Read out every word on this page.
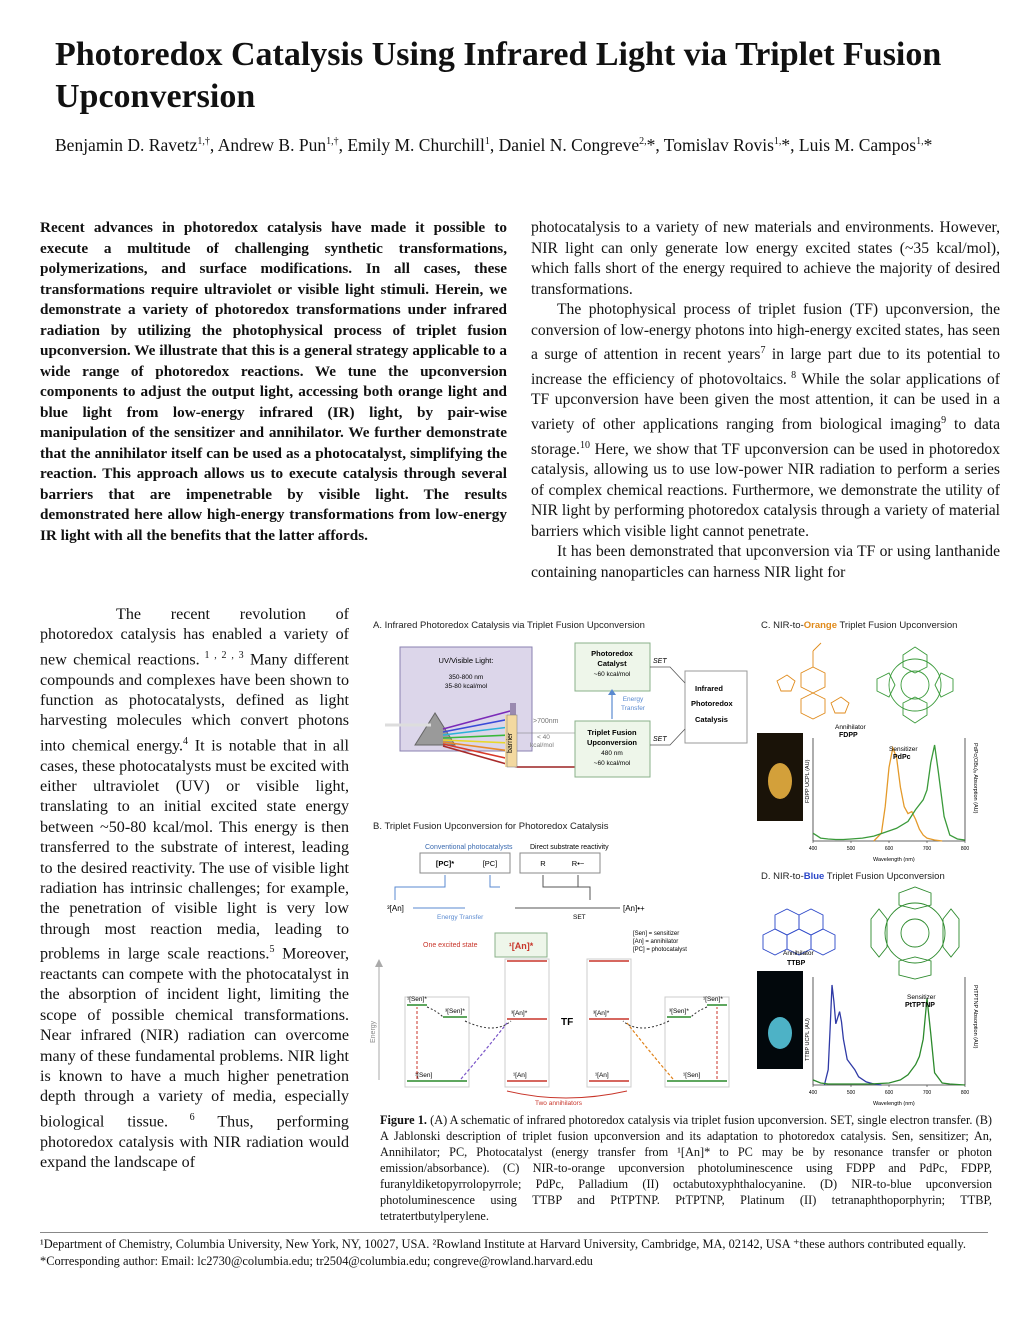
Photoredox Catalysis Using Infrared Light via Triplet Fusion Upconversion
Benjamin D. Ravetz$^{1,\dagger}$, Andrew B. Pun$^{1,\dagger}$, Emily M. Churchill$^1$, Daniel N. Congreve$^{2,}$*, Tomislav Rovis$^{1,}$*, Luis M. Campos$^{1,}$*

Recent advances in photoredox catalysis have made it possible to execute a multitude of challenging synthetic transformations, polymerizations, and surface modifications. In all cases, these transformations require ultraviolet or visible light stimuli. Herein, we demonstrate a variety of photoredox transformations under infrared radiation by utilizing the photophysical process of triplet fusion upconversion. We illustrate that this is a general strategy applicable to a wide range of photoredox reactions. We tune the upconversion components to adjust the output light, accessing both orange light and blue light from low-energy infrared (IR) light, by pair-wise manipulation of the sensitizer and annihilator. We further demonstrate that the annihilator itself can be used as a photocatalyst, simplifying the reaction. This approach allows us to execute catalysis through several barriers that are impenetrable by visible light. The results demonstrated here allow high-energy transformations from low-energy IR light with all the benefits that the latter affords.

photocatalysis to a variety of new materials and environments. However, NIR light can only generate low energy excited states (~35 kcal/mol), which falls short of the energy required to achieve the majority of desired transformations.

The photophysical process of triplet fusion (TF) upconversion, the conversion of low-energy photons into high-energy excited states, has seen a surge of attention in recent years$^7$ in large part due to its potential to increase the efficiency of photovoltaics. $^8$ While the solar applications of TF upconversion have been given the most attention, it can be used in a variety of other applications ranging from biological imaging$^9$ to data storage.$^{10}$ Here, we show that TF upconversion can be used in photoredox catalysis, allowing us to use low-power NIR radiation to perform a series of complex chemical reactions. Furthermore, we demonstrate the utility of NIR light by performing photoredox catalysis through a variety of material barriers which visible light cannot penetrate.

It has been demonstrated that upconversion via TF or using lanthanide containing nanoparticles can harness NIR light for

The recent revolution of photoredox catalysis has enabled a variety of new chemical reactions. $^{1 , 2 , 3}$ Many different compounds and complexes have been shown to function as photocatalysts, defined as light harvesting molecules which convert photons into chemical energy.$^4$ It is notable that in all cases, these photocatalysts must be excited with either ultraviolet (UV) or visible light, translating to an initial excited state energy between ~50-80 kcal/mol. This energy is then transferred to the substrate of interest, leading to the desired reactivity. The use of visible light radiation has intrinsic challenges; for example, the penetration of visible light is very low through most reaction media, leading to problems in large scale reactions.$^5$ Moreover, reactants can compete with the photocatalyst in the absorption of incident light, limiting the scope of possible chemical transformations. Near infrared (NIR) radiation can overcome many of these fundamental problems. NIR light is known to have a much higher penetration depth through a variety of media, especially biological tissue. $^6$ Thus, performing photoredox catalysis with NIR radiation would expand the landscape of

A. Infrared Photoredox Catalysis via Triplet Fusion Upconversion
B. Triplet Fusion Upconversion for Photoredox Catalysis
C. NIR-to-Orange Triplet Fusion Upconversion
D. NIR-to-Blue Triplet Fusion Upconversion
UV/Visible Light:
350-800 nm
35-80 kcal/mol
barrier
>700nm
< 40
kcal/mol
Photoredox
Catalyst
~60 kcal/mol
Triplet Fusion
Upconversion
480 nm
~60 kcal/mol
Energy
Transfer
Infrared
Photoredox
Catalysis
SET
SET
Conventional photocatalysts Direct substrate reactivity
[PC]*	[PC]	R	R•−
³[An]	[An]•+
Energy Transfer	SET
One excited state	¹[An]*
[Sen] = sensitizer
[An] = annihilator
[PC] = photocatalyst
Energy
¹[Sen]*
³[Sen]*	³[An]*	³[An]*	³[Sen]*
¹[Sen]*
TF
¹[Sen]	¹[An]	¹[An]	¹[Sen]
Two annihilators
Annihilator
FDPP
400	500	600	700	800
Sensitizer
PdPc
FDPP UCPL (AU)	PdPc(OBu)₈ Absorption (AU)
Wavelength (nm)
Annihilator
TTBP
400	500	600	700	800
Sensitizer
PtTPTNP
TTBP UCPL (AU)	PtTPTNP Absorption (AU)
Wavelength (nm)
Figure 1. (A) A schematic of infrared photoredox catalysis via triplet fusion upconversion. SET, single electron transfer. (B) A Jablonski description of triplet fusion upconversion and its adaptation to photoredox catalysis. Sen, sensitizer; An, Annihilator; PC, Photocatalyst (energy transfer from ¹[An]* to PC may be by resonance transfer or photon emission/absorbance). (C) NIR-to-orange upconversion photoluminescence using FDPP and PdPc, FDPP, furanyldiketopyrrolopyrrole; PdPc, Palladium (II) octabutoxyphthalocyanine. (D) NIR-to-blue upconversion photoluminescence using TTBP and PtTPTNP. PtTPTNP, Platinum (II) tetranaphthoporphyrin; TTBP, tetratertbutylperylene.
¹Department of Chemistry, Columbia University, New York, NY, 10027, USA. ²Rowland Institute at Harvard University, Cambridge, MA, 02142, USA ⁺these authors contributed equally. *Corresponding author: Email: lc2730@columbia.edu; tr2504@columbia.edu; congreve@rowland.harvard.edu
